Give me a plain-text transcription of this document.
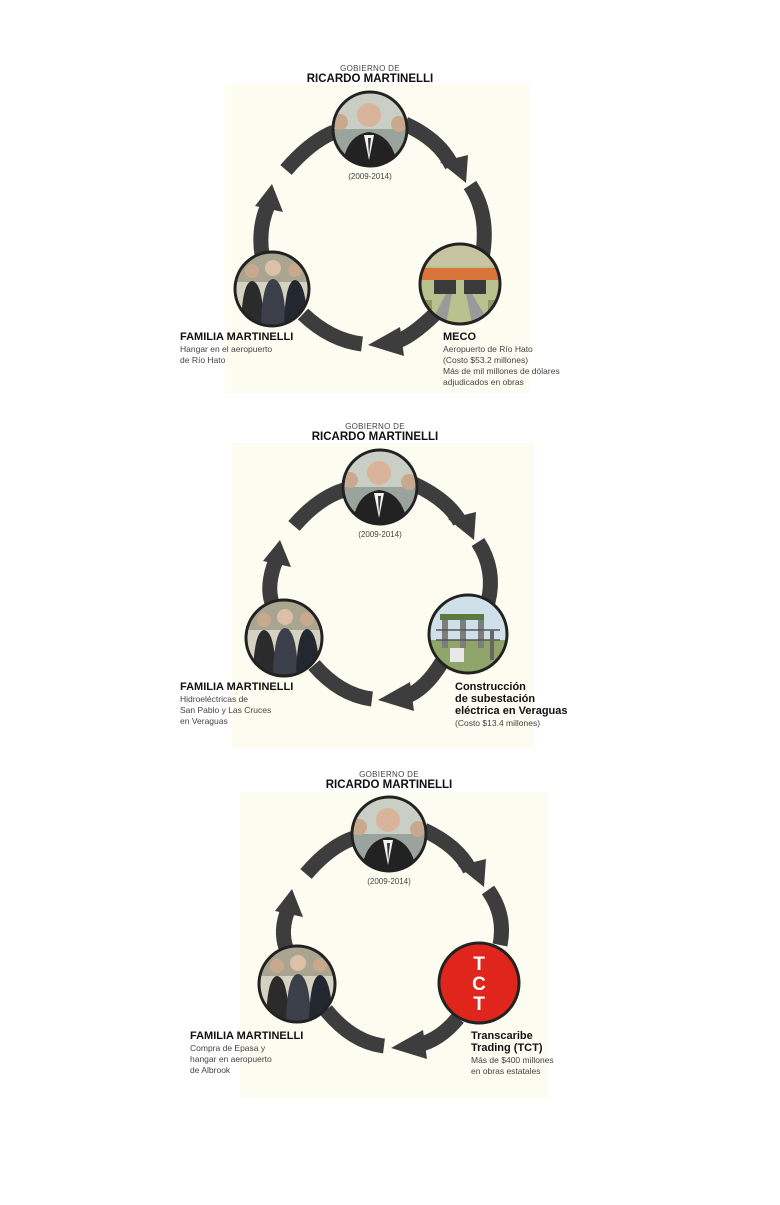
GOBIERNO DE
RICARDO MARTINELLI
(2009-2014)
FAMILIA MARTINELLI
Hangar en el aeropuerto
de Río Hato
MECO
Aeropuerto de Río Hato
(Costo $53.2 millones)
Más de mil millones de dólares
adjudicados en obras
GOBIERNO DE
RICARDO MARTINELLI
(2009-2014)
FAMILIA MARTINELLI
Hidroeléctricas de
San Pablo y Las Cruces
en Veraguas
Construcción
de subestación
eléctrica en Veraguas
(Costo $13.4 millones)
GOBIERNO DE
RICARDO MARTINELLI
T
C
T
(2009-2014)
FAMILIA MARTINELLI
Compra de Epasa y
hangar en aeropuerto
de Albrook
Transcaribe
Trading (TCT)
Más de $400 millones
en obras estatales
